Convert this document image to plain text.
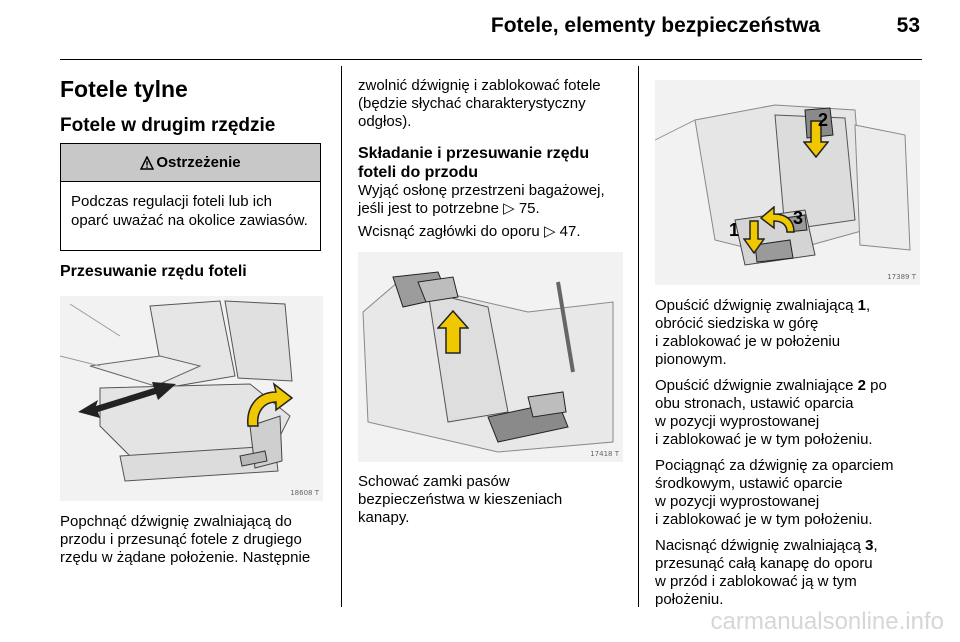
Fotele, elementy bezpieczeństwa	53
Fotele tylne
Fotele w drugim rzędzie
Ostrzeżenie
Podczas regulacji foteli lub ich oparć uważać na okolice zawiasów.
Przesuwanie rzędu foteli
18608 T
Popchnąć dźwignię zwalniającą do
przodu i przesunąć fotele z drugiego
rzędu w żądane położenie. Następnie
zwolnić dźwignię i zablokować fotele
(będzie słychać charakterystyczny
odgłos).
Składanie i przesuwanie rzędu
foteli do przodu
Wyjąć osłonę przestrzeni bagażowej,
jeśli jest to potrzebne ▷ 75.
Wcisnąć zagłówki do oporu ▷ 47.
17418 T
Schować zamki pasów
bezpieczeństwa w kieszeniach
kanapy.
2
3
1
17389 T
Opuścić dźwignię zwalniającą 1,
obrócić siedziska w górę
i zablokować je w położeniu
pionowym.
Opuścić dźwignie zwalniające 2 po
obu stronach, ustawić oparcia
w pozycji wyprostowanej
i zablokować je w tym położeniu.
Pociągnąć za dźwignię za oparciem
środkowym, ustawić oparcie
w pozycji wyprostowanej
i zablokować je w tym położeniu.
Nacisnąć dźwignię zwalniającą 3,
przesunąć całą kanapę do oporu
w przód i zablokować ją w tym
położeniu.
carmanualsonline.info
